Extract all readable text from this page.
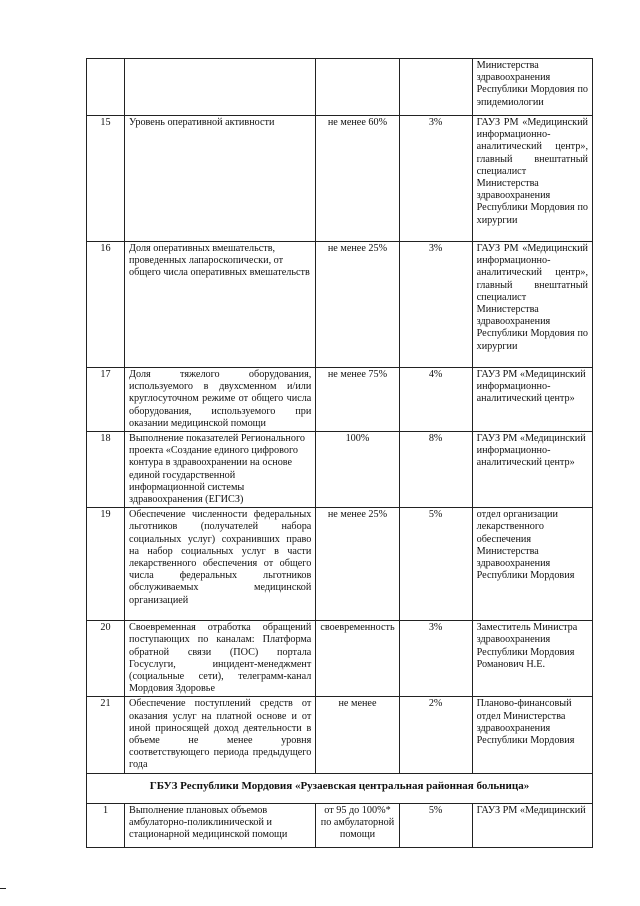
				Министерства здравоохранения Республики Мордовия по эпидемиологии
15	Уровень оперативной активности	не менее 60%	3%	ГАУЗ РМ «Медицинский информационно-аналитический центр», главный внештатный специалист Министерства здравоохранения Республики Мордовия по хирургии
16	Доля оперативных вмешательств, проведенных лапароскопически, от общего числа оперативных вмешательств	не менее 25%	3%	ГАУЗ РМ «Медицинский информационно-аналитический центр», главный внештатный специалист Министерства здравоохранения Республики Мордовия по хирургии
17	Доля тяжелого оборудования, используемого в двухсменном и/или круглосуточном режиме от общего числа оборудования, используемого при оказании медицинской помощи	не менее 75%	4%	ГАУЗ РМ «Медицинский информационно-аналитический центр»
18	Выполнение показателей Регионального проекта «Создание единого цифрового контура в здравоохранении на основе единой государственной информационной системы здравоохранения (ЕГИСЗ)	100%	8%	ГАУЗ РМ «Медицинский информационно-аналитический центр»
19	Обеспечение численности федеральных льготников (получателей набора социальных услуг) сохранивших право на набор социальных услуг в части лекарственного обеспечения от общего числа федеральных льготников обслуживаемых медицинской организацией	не менее 25%	5%	отдел организации лекарственного обеспечения Министерства здравоохранения Республики Мордовия
20	Своевременная отработка обращений поступающих по каналам: Платформа обратной связи (ПОС) портала Госуслуги, инцидент-менеджмент (социальные сети), телеграмм-канал Мордовия Здоровье	своевременность	3%	Заместитель Министра здравоохранения Республики Мордовия Романович Н.Е.
21	Обеспечение поступлений средств от оказания услуг на платной основе и от иной приносящей доход деятельности в объеме не менее уровня соответствующего периода предыдущего года	не менее	2%	Планово-финансовый отдел Министерства здравоохранения Республики Мордовия
ГБУЗ Республики Мордовия «Рузаевская центральная районная больница»				
1	Выполнение плановых объемов амбулаторно-поликлинической и стационарной медицинской помощи	от 95 до 100%* по амбулаторной помощи	5%	ГАУЗ РМ «Медицинский
